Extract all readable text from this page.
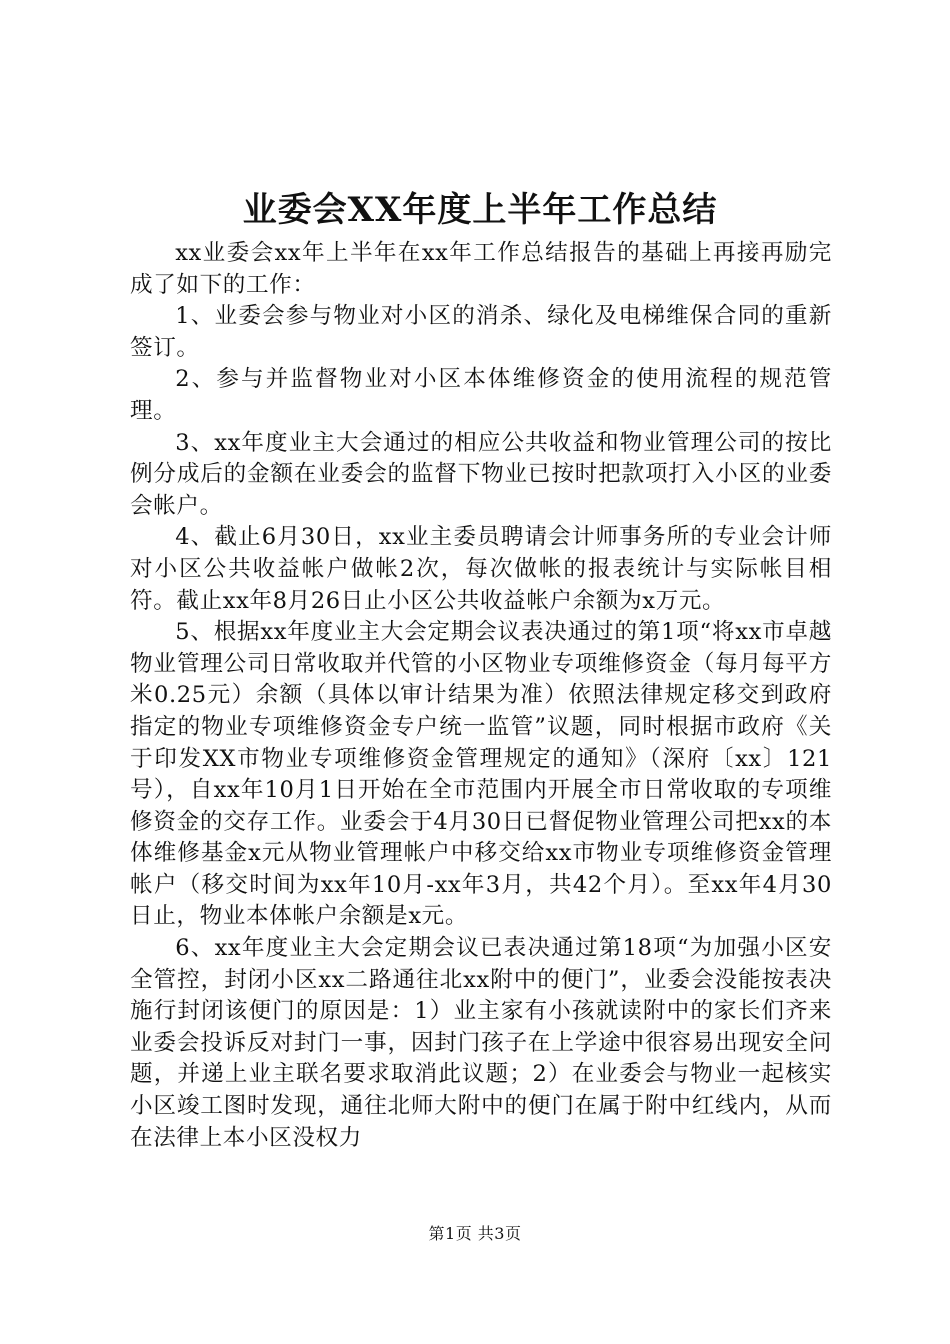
业委会XX年度上半年工作总结

xx业委会xx年上半年在xx年工作总结报告的基础上再接再励完成了如下的工作：

1、业委会参与物业对小区的消杀、绿化及电梯维保合同的重新签订。

2、参与并监督物业对小区本体维修资金的使用流程的规范管理。

3、xx年度业主大会通过的相应公共收益和物业管理公司的按比例分成后的金额在业委会的监督下物业已按时把款项打入小区的业委会帐户。

4、截止6月30日，xx业主委员聘请会计师事务所的专业会计师对小区公共收益帐户做帐2次，每次做帐的报表统计与实际帐目相符。截止xx年8月26日止小区公共收益帐户余额为x万元。

5、根据xx年度业主大会定期会议表决通过的第1项“将xx市卓越物业管理公司日常收取并代管的小区物业专项维修资金（每月每平方米0.25元）余额（具体以审计结果为准）依照法律规定移交到政府指定的物业专项维修资金专户统一监管”议题，同时根据市政府《关于印发XX市物业专项维修资金管理规定的通知》（深府〔xx〕121号），自xx年10月1日开始在全市范围内开展全市日常收取的专项维修资金的交存工作。业委会于4月30日已督促物业管理公司把xx的本体维修基金x元从物业管理帐户中移交给xx市物业专项维修资金管理帐户（移交时间为xx年10月-xx年3月，共42个月）。至xx年4月30日止，物业本体帐户余额是x元。

6、xx年度业主大会定期会议已表决通过第18项“为加强小区安全管控，封闭小区xx二路通往北xx附中的便门”，业委会没能按表决施行封闭该便门的原因是：1）业主家有小孩就读附中的家长们齐来业委会投诉反对封门一事，因封门孩子在上学途中很容易出现安全问题，并递上业主联名要求取消此议题；2）在业委会与物业一起核实小区竣工图时发现，通往北师大附中的便门在属于附中红线内，从而在法律上本小区没权力

第1页 共3页
